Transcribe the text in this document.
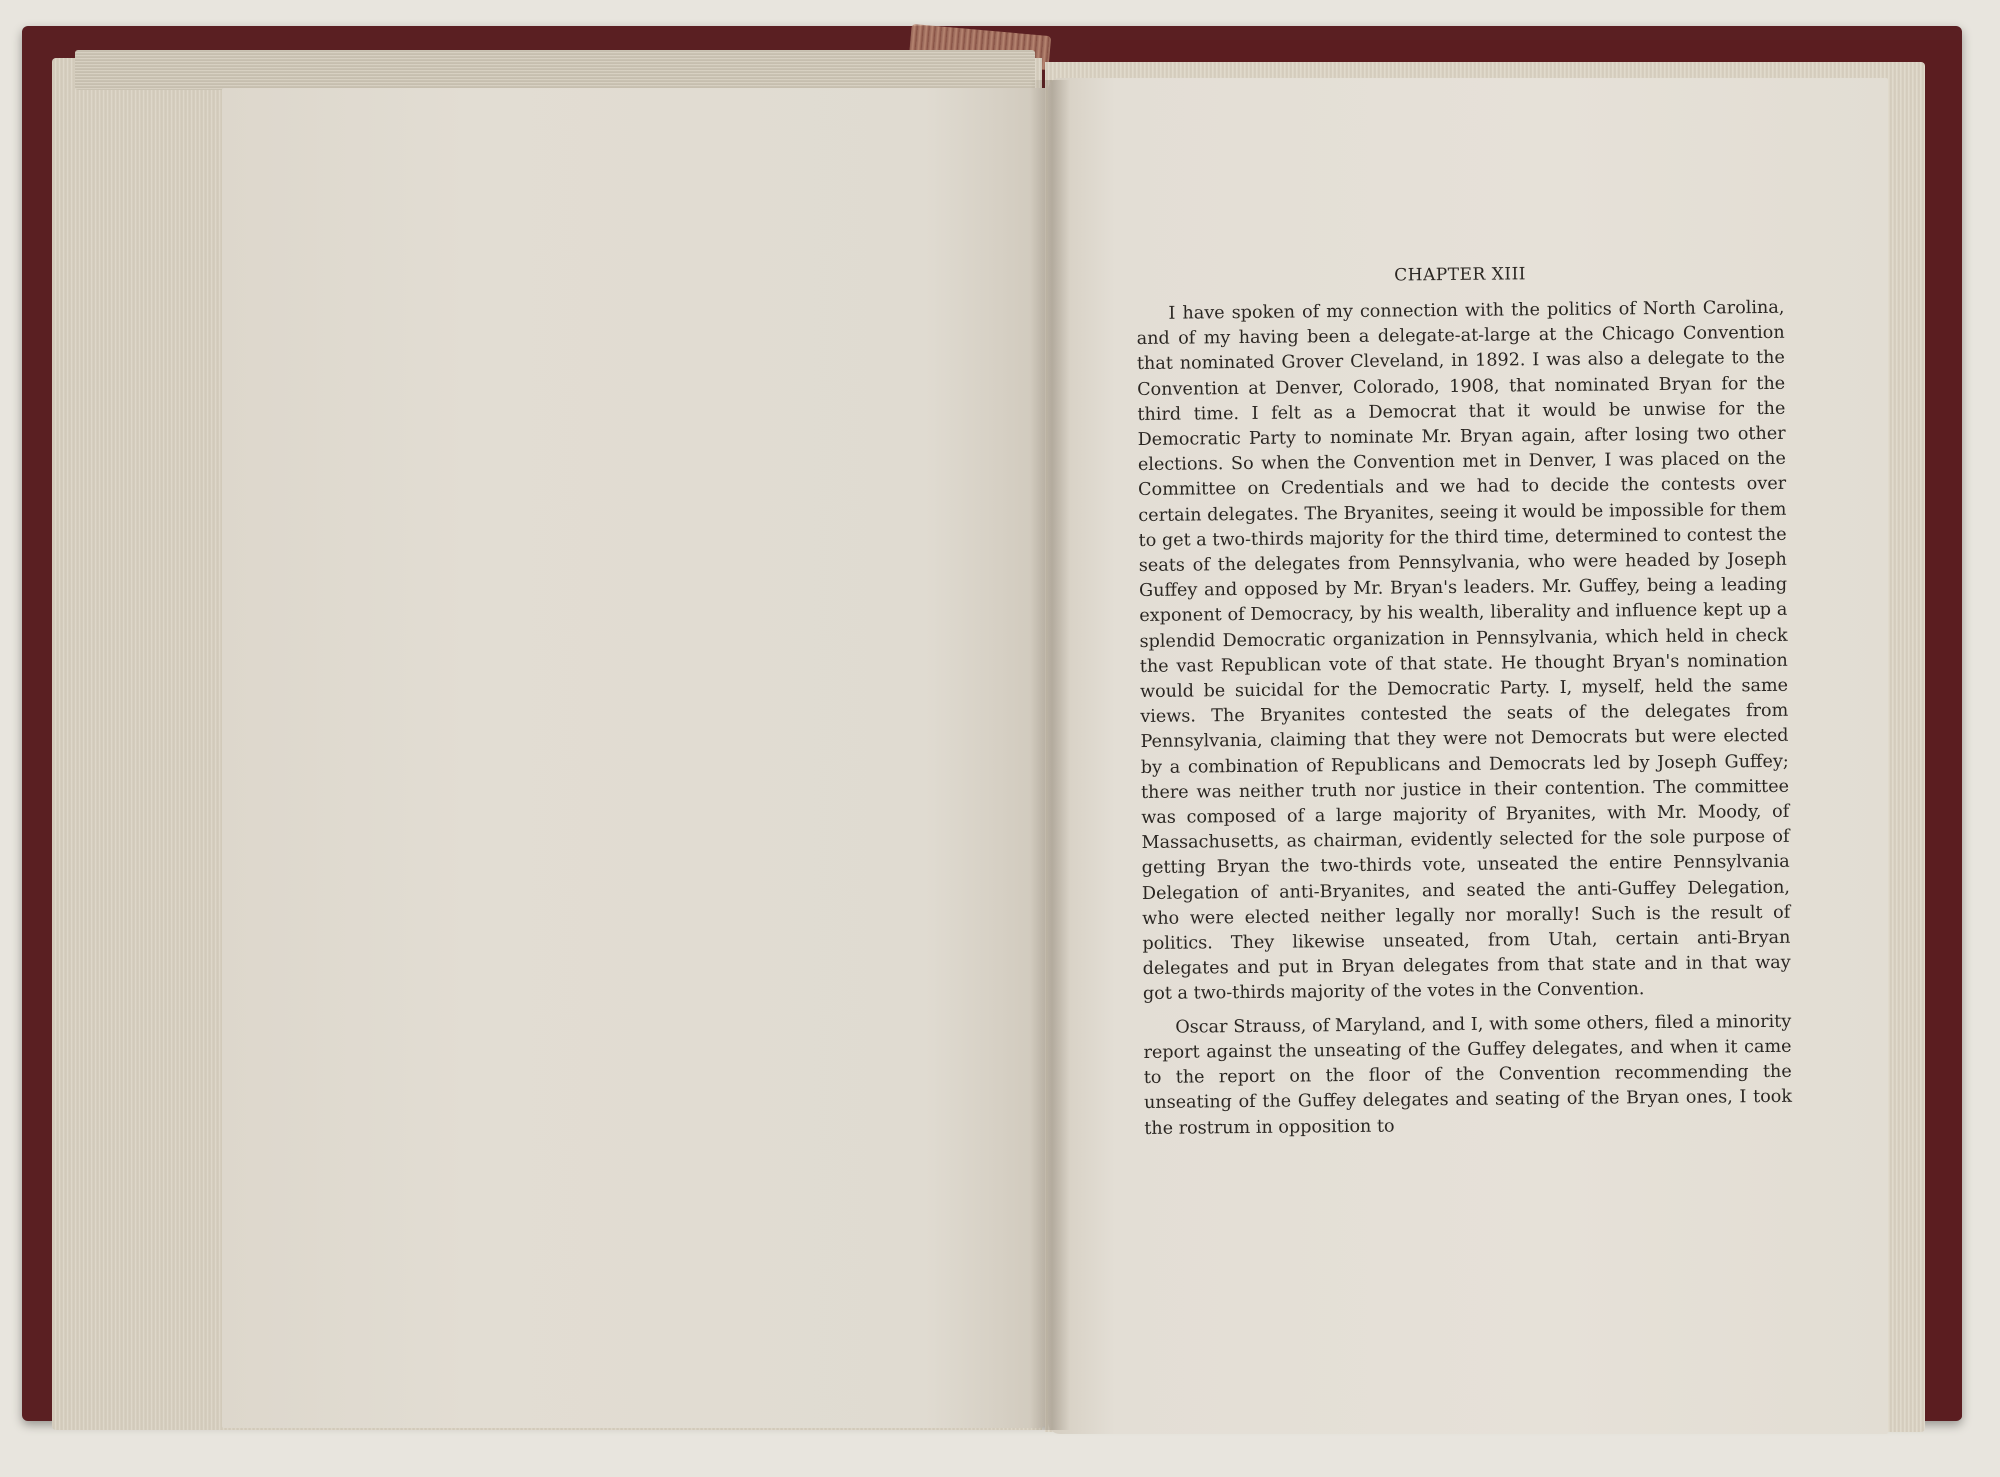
CHAPTER XIII

I have spoken of my connection with the politics of North Carolina, and of my having been a delegate-at-large at the Chicago Convention that nominated Grover Cleveland, in 1892. I was also a delegate to the Convention at Denver, Colorado, 1908, that nominated Bryan for the third time. I felt as a Democrat that it would be unwise for the Democratic Party to nominate Mr. Bryan again, after losing two other elections. So when the Convention met in Denver, I was placed on the Committee on Credentials and we had to decide the contests over certain delegates. The Bryanites, seeing it would be impossible for them to get a two-thirds majority for the third time, determined to contest the seats of the delegates from Pennsylvania, who were headed by Joseph Guffey and opposed by Mr. Bryan's leaders. Mr. Guffey, being a leading exponent of Democracy, by his wealth, liberality and influence kept up a splendid Democratic organization in Pennsylvania, which held in check the vast Republican vote of that state. He thought Bryan's nomination would be suicidal for the Democratic Party. I, myself, held the same views. The Bryanites contested the seats of the delegates from Pennsylvania, claiming that they were not Democrats but were elected by a combination of Republicans and Democrats led by Joseph Guffey; there was neither truth nor justice in their contention. The committee was composed of a large majority of Bryanites, with Mr. Moody, of Massachusetts, as chairman, evidently selected for the sole purpose of getting Bryan the two-thirds vote, unseated the entire Pennsylvania Delegation of anti-Bryanites, and seated the anti-Guffey Delegation, who were elected neither legally nor morally! Such is the result of politics. They likewise unseated, from Utah, certain anti-Bryan delegates and put in Bryan delegates from that state and in that way got a two-thirds majority of the votes in the Convention.

Oscar Strauss, of Maryland, and I, with some others, filed a minority report against the unseating of the Guffey delegates, and when it came to the report on the floor of the Convention recommending the unseating of the Guffey delegates and seating of the Bryan ones, I took the rostrum in opposition to
